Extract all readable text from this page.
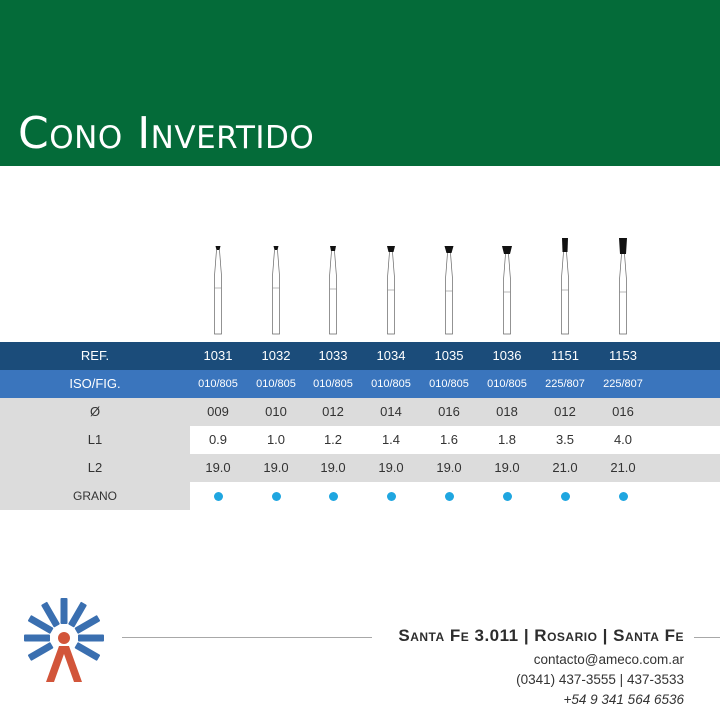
Cono Invertido
REF.	1031	1032	1033	1034	1035	1036	1151	1153
ISO/FIG.	010/805	010/805	010/805	010/805	010/805	010/805	225/807	225/807
Ø	009	010	012	014	016	018	012	016
L1	0.9	1.0	1.2	1.4	1.6	1.8	3.5	4.0
L2	19.0	19.0	19.0	19.0	19.0	19.0	21.0	21.0
GRANO
Santa Fe 3.011 | Rosario | Santa Fe
contacto@ameco.com.ar
(0341) 437-3555 | 437-3533
+54 9 341 564 6536
